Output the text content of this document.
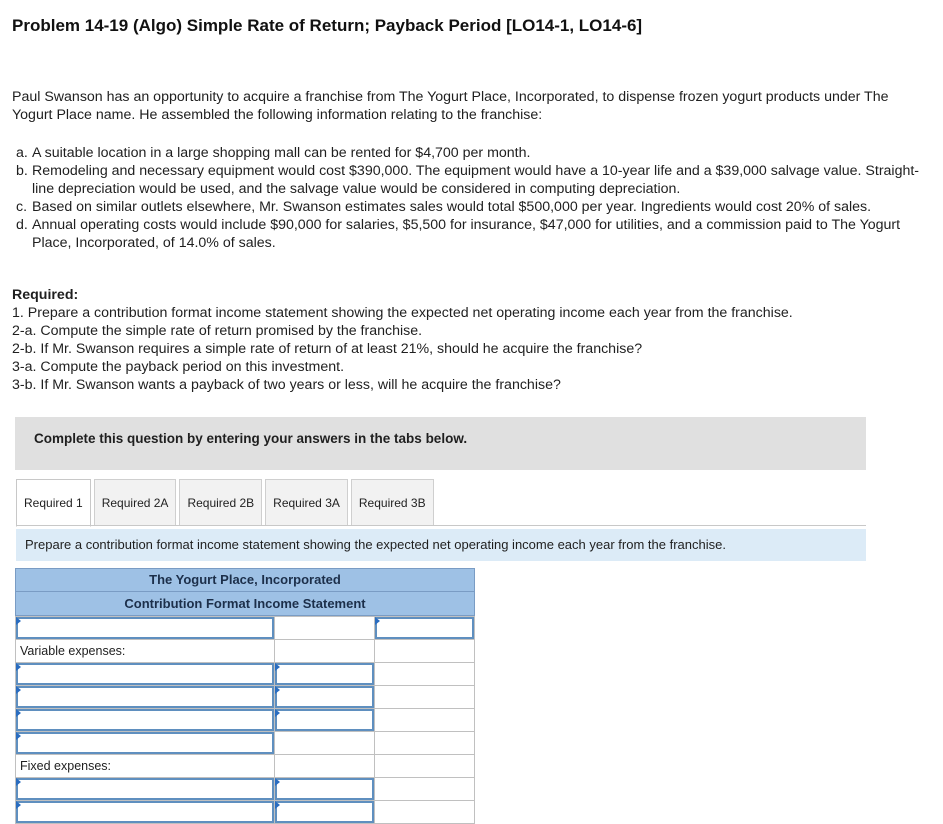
Problem 14-19 (Algo) Simple Rate of Return; Payback Period [LO14-1, LO14-6]
Paul Swanson has an opportunity to acquire a franchise from The Yogurt Place, Incorporated, to dispense frozen yogurt products under The Yogurt Place name. He assembled the following information relating to the franchise:
a. A suitable location in a large shopping mall can be rented for $4,700 per month.
b. Remodeling and necessary equipment would cost $390,000. The equipment would have a 10-year life and a $39,000 salvage value. Straight-line depreciation would be used, and the salvage value would be considered in computing depreciation.
c. Based on similar outlets elsewhere, Mr. Swanson estimates sales would total $500,000 per year. Ingredients would cost 20% of sales.
d. Annual operating costs would include $90,000 for salaries, $5,500 for insurance, $47,000 for utilities, and a commission paid to The Yogurt Place, Incorporated, of 14.0% of sales.
Required:
1. Prepare a contribution format income statement showing the expected net operating income each year from the franchise.
2-a. Compute the simple rate of return promised by the franchise.
2-b. If Mr. Swanson requires a simple rate of return of at least 21%, should he acquire the franchise?
3-a. Compute the payback period on this investment.
3-b. If Mr. Swanson wants a payback of two years or less, will he acquire the franchise?
Complete this question by entering your answers in the tabs below.
Required 1	Required 2A	Required 2B	Required 3A	Required 3B
Prepare a contribution format income statement showing the expected net operating income each year from the franchise.
The Yogurt Place, Incorporated
Contribution Format Income Statement

Variable expenses:		

Fixed expenses:		
